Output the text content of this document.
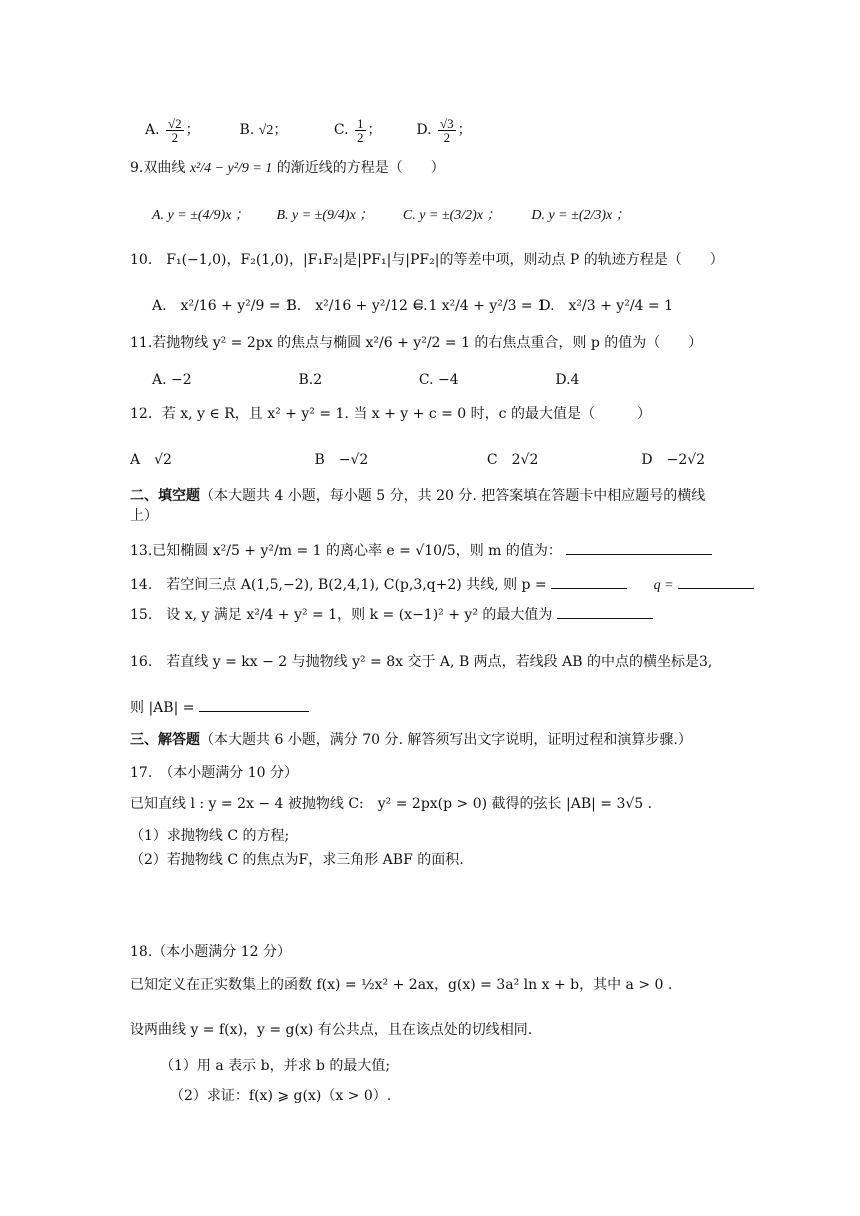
A. $\frac{√2}{2}$ ；	B. √2；	C. $\frac{1}{2}$ ； D. $\frac{√3}{2}$ ；
9.双曲线 x²/4 − y²/9 = 1 的渐近线的方程是（　　）
A. y = ±(4/9)x ； B. y = ±(9/4)x ； C. y = ±(3/2)x ； D. y = ±(2/3)x ；
10.　F₁(−1,0)，F₂(1,0)，|F₁F₂|是|PF₁|与|PF₂|的等差中项，则动点 P 的轨迹方程是（　　）
A.　x²/16 + y²/9 = 1 B.　x²/16 + y²/12 = 1 C.　x²/4 + y²/3 = 1 D.　x²/3 + y²/4 = 1
11.若抛物线 y² = 2px 的焦点与椭圆 x²/6 + y²/2 = 1 的右焦点重合，则 p 的值为（　　）
A. −2	B.2	C. −4	D.4
12．若 x, y ∈ R，且 x² + y² = 1. 当 x + y + c = 0 时，c 的最大值是（　　　）
A　√2	B　−√2	C　2√2	D　−2√2
二、填空题（本大题共 4 小题，每小题 5 分，共 20 分. 把答案填在答题卡中相应题号的横线
上）
13.已知椭圆 x²/5 + y²/m = 1 的离心率 e = √10/5，则 m 的值为：
14.　若空间三点 A(1,5,−2), B(2,4,1), C(p,3,q+2) 共线, 则 p =	q =
15.　设 x, y 满足 x²/4 + y² = 1，则 k = (x−1)² + y² 的最大值为
16.　若直线 y = kx − 2 与抛物线 y² = 8x 交于 A, B 两点，若线段 AB 的中点的横坐标是3,
则 |AB| =
三、解答题（本大题共 6 小题，满分 70 分. 解答须写出文字说明，证明过程和演算步骤.）
17.　（本小题满分 10 分）
已知直线 l : y = 2x − 4 被抛物线 C:　y² = 2px(p > 0) 截得的弦长 |AB| = 3√5 .
（1）求抛物线 C 的方程;
（2）若抛物线 C 的焦点为F，求三角形 ABF 的面积.
18.（本小题满分 12 分）
已知定义在正实数集上的函数 f(x) = ½x² + 2ax，g(x) = 3a² ln x + b，其中 a > 0 .
设两曲线 y = f(x)，y = g(x) 有公共点，且在该点处的切线相同.
（1）用 a 表示 b，并求 b 的最大值;
（2）求证：f(x) ⩾ g(x)（x > 0）.
